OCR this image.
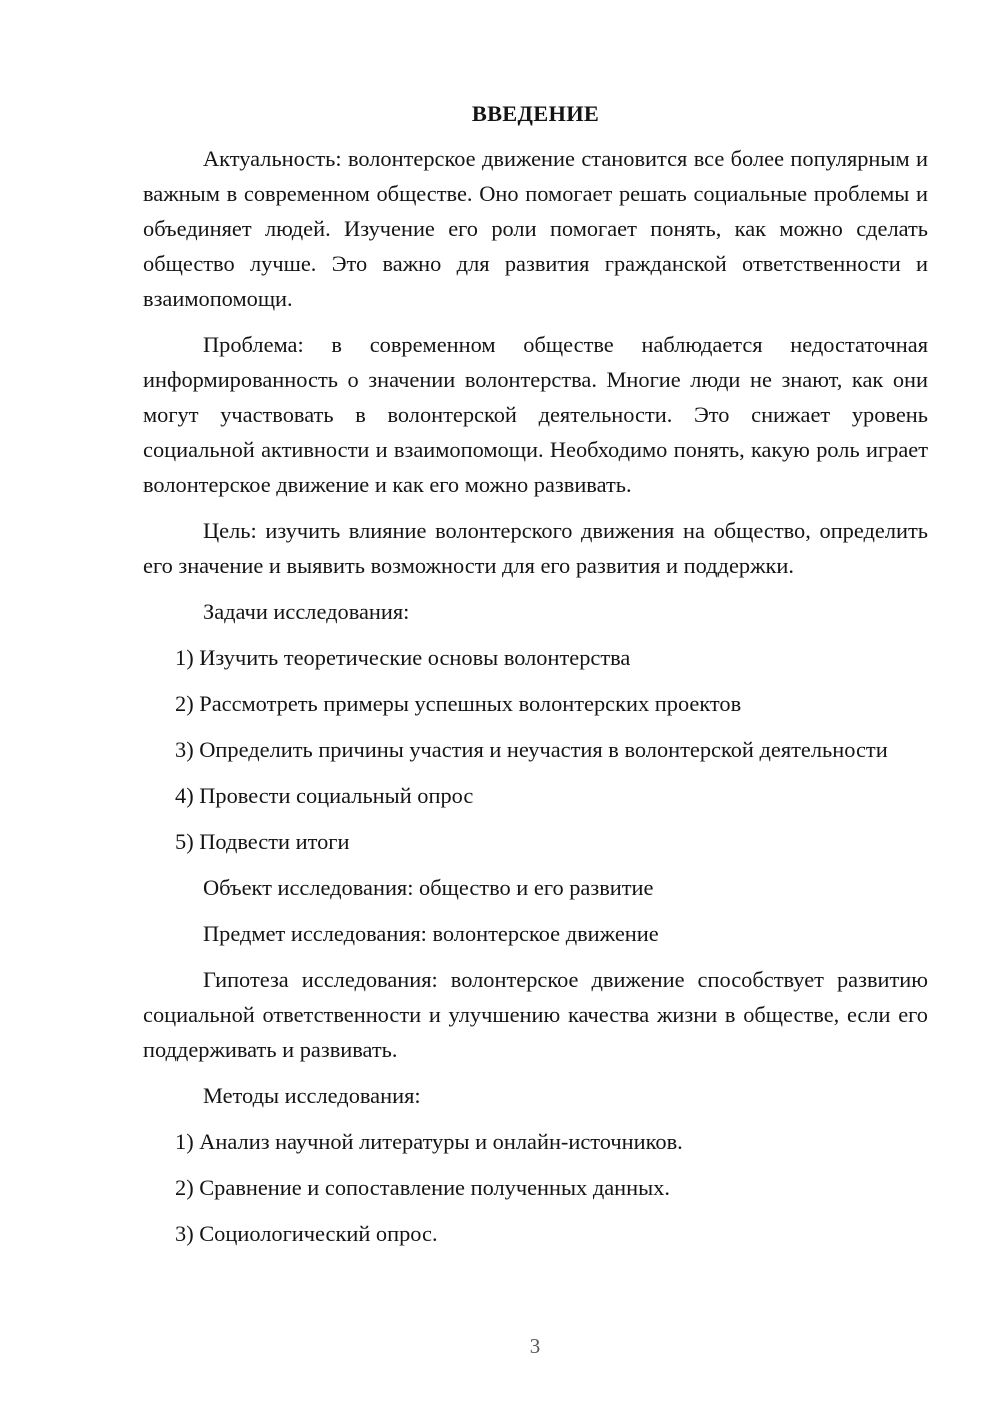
ВВЕДЕНИЕ

Актуальность: волонтерское движение становится все более популярным и важным в современном обществе. Оно помогает решать социальные проблемы и объединяет людей. Изучение его роли помогает понять, как можно сделать общество лучше. Это важно для развития гражданской ответственности и взаимопомощи.

Проблема: в современном обществе наблюдается недостаточная информированность о значении волонтерства. Многие люди не знают, как они могут участвовать в волонтерской деятельности. Это снижает уровень социальной активности и взаимопомощи. Необходимо понять, какую роль играет волонтерское движение и как его можно развивать.

Цель: изучить влияние волонтерского движения на общество, определить его значение и выявить возможности для его развития и поддержки.

Задачи исследования:

1) Изучить теоретические основы волонтерства

2) Рассмотреть примеры успешных волонтерских проектов

3) Определить причины участия и неучастия в волонтерской деятельности

4) Провести социальный опрос

5) Подвести итоги

Объект исследования: общество и его развитие

Предмет исследования: волонтерское движение

Гипотеза исследования: волонтерское движение способствует развитию социальной ответственности и улучшению качества жизни в обществе, если его поддерживать и развивать.

Методы исследования:

1) Анализ научной литературы и онлайн-источников.

2) Сравнение и сопоставление полученных данных.

3) Социологический опрос.

3
